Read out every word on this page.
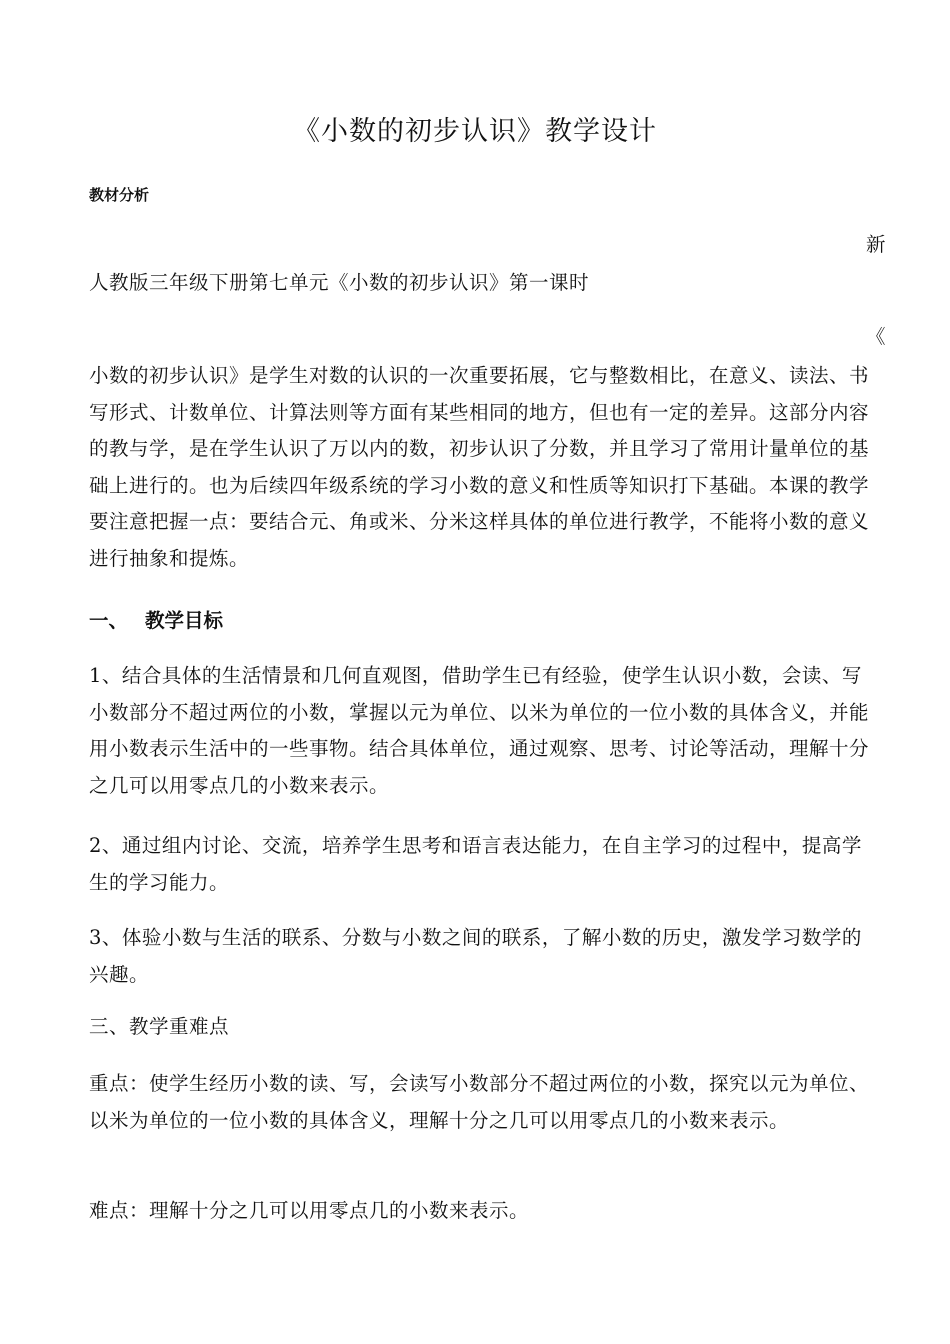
《小数的初步认识》教学设计
教材分析
新
人教版三年级下册第七单元《小数的初步认识》第一课时
《
小数的初步认识》是学生对数的认识的一次重要拓展，它与整数相比，在意义、读法、书写形式、计数单位、计算法则等方面有某些相同的地方，但也有一定的差异。这部分内容的教与学，是在学生认识了万以内的数，初步认识了分数，并且学习了常用计量单位的基础上进行的。也为后续四年级系统的学习小数的意义和性质等知识打下基础。本课的教学要注意把握一点：要结合元、角或米、分米这样具体的单位进行教学，不能将小数的意义进行抽象和提炼。
一、 教学目标
1、结合具体的生活情景和几何直观图，借助学生已有经验，使学生认识小数，会读、写小数部分不超过两位的小数，掌握以元为单位、以米为单位的一位小数的具体含义，并能用小数表示生活中的一些事物。结合具体单位，通过观察、思考、讨论等活动，理解十分之几可以用零点几的小数来表示。
2、通过组内讨论、交流，培养学生思考和语言表达能力，在自主学习的过程中，提高学生的学习能力。
3、体验小数与生活的联系、分数与小数之间的联系，了解小数的历史，激发学习数学的兴趣。
三、教学重难点
重点：使学生经历小数的读、写，会读写小数部分不超过两位的小数，探究以元为单位、以米为单位的一位小数的具体含义，理解十分之几可以用零点几的小数来表示。
难点：理解十分之几可以用零点几的小数来表示。
